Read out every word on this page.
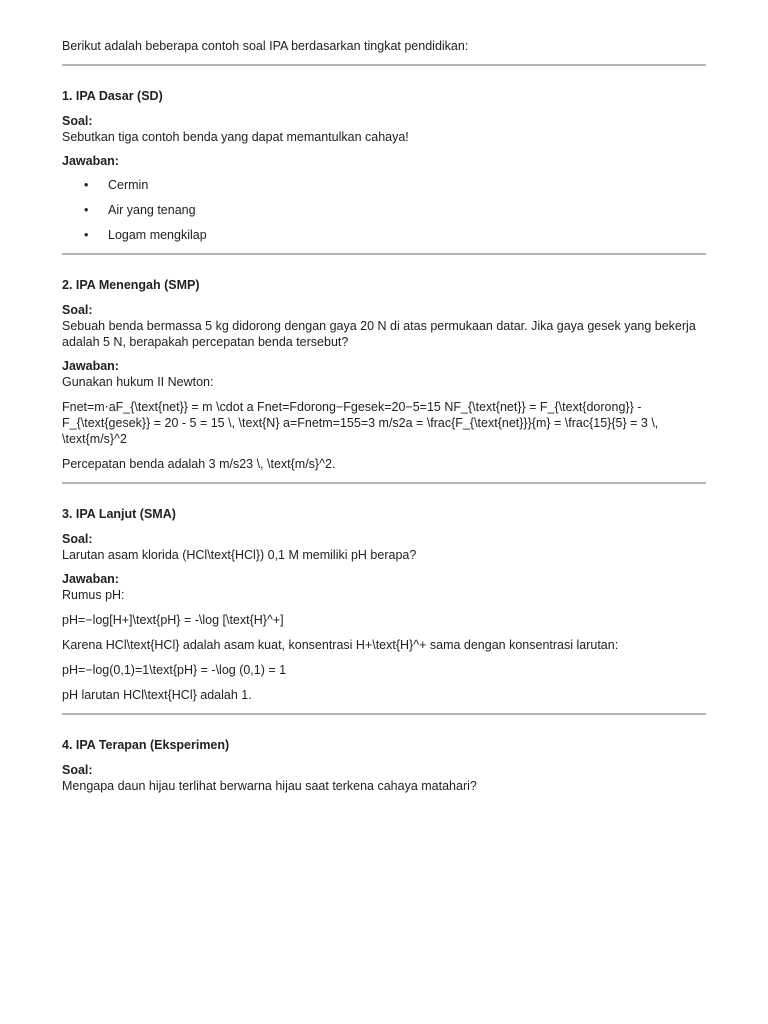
Berikut adalah beberapa contoh soal IPA berdasarkan tingkat pendidikan:

1. IPA Dasar (SD)

Soal:

Sebutkan tiga contoh benda yang dapat memantulkan cahaya!

Jawaban:

• Cermin
• Air yang tenang
• Logam mengkilap

2. IPA Menengah (SMP)

Soal:

Sebuah benda bermassa 5 kg didorong dengan gaya 20 N di atas permukaan datar. Jika gaya gesek yang bekerja adalah 5 N, berapakah percepatan benda tersebut?

Jawaban:

Gunakan hukum II Newton:

Fnet=m⋅aF_{\text{net}} = m \cdot a Fnet=Fdorong−Fgesek=20−5=15 NF_{\text{net}} = F_{\text{dorong}} - F_{\text{gesek}} = 20 - 5 = 15 \, \text{N} a=Fnetm=155=3 m/s2a = \frac{F_{\text{net}}}{m} = \frac{15}{5} = 3 \, \text{m/s}^2

Percepatan benda adalah 3 m/s23 \, \text{m/s}^2.

3. IPA Lanjut (SMA)

Soal:

Larutan asam klorida (HCl\text{HCl}) 0,1 M memiliki pH berapa?

Jawaban:

Rumus pH:

pH=−log[H+]\text{pH} = -\log [\text{H}^+]

Karena HCl\text{HCl} adalah asam kuat, konsentrasi H+\text{H}^+ sama dengan konsentrasi larutan:

pH=−log(0,1)=1\text{pH} = -\log (0,1) = 1

pH larutan HCl\text{HCl} adalah 1.

4. IPA Terapan (Eksperimen)

Soal:

Mengapa daun hijau terlihat berwarna hijau saat terkena cahaya matahari?
